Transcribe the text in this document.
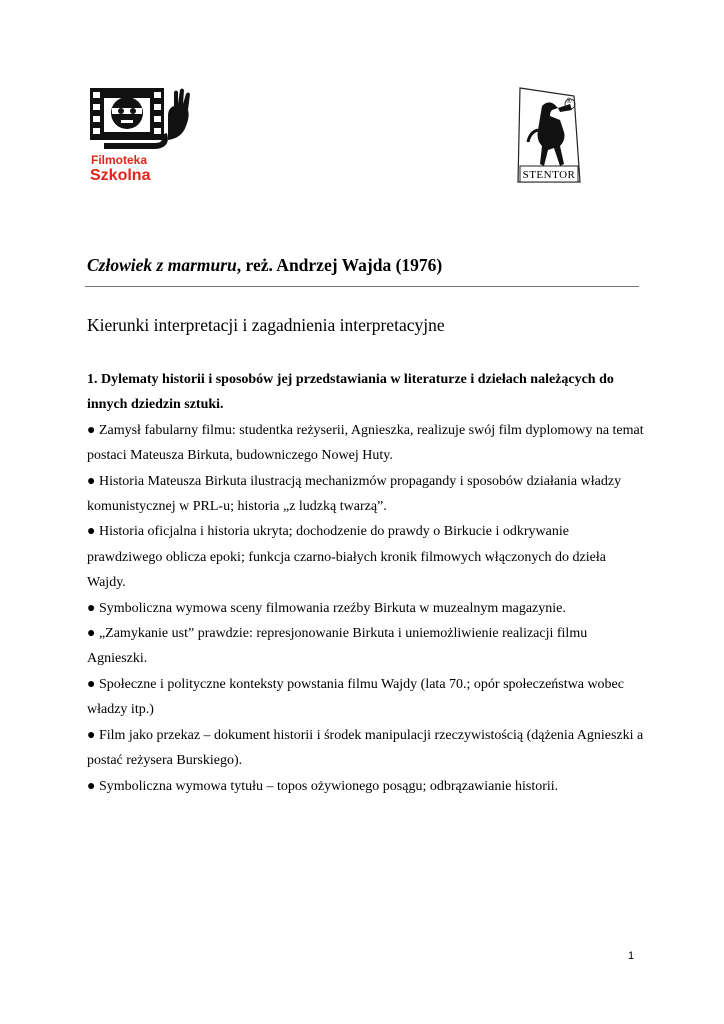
Filmoteka
Szkolna
®
STENTOR
Człowiek z marmuru, reż. Andrzej Wajda (1976)
Kierunki interpretacji i zagadnienia interpretacyjne
1. Dylematy historii i sposobów jej przedstawiania w literaturze i dziełach należących do innych dziedzin sztuki.

● Zamysł fabularny filmu: studentka reżyserii, Agnieszka, realizuje swój film dyplomowy na temat postaci Mateusza Birkuta, budowniczego Nowej Huty.

● Historia Mateusza Birkuta ilustracją mechanizmów propagandy i sposobów działania władzy komunistycznej w PRL-u; historia „z ludzką twarzą”.

● Historia oficjalna i historia ukryta; dochodzenie do prawdy o Birkucie i odkrywanie prawdziwego oblicza epoki; funkcja czarno-białych kronik filmowych włączonych do dzieła Wajdy.

● Symboliczna wymowa sceny filmowania rzeźby Birkuta w muzealnym magazynie.

● „Zamykanie ust” prawdzie: represjonowanie Birkuta i uniemożliwienie realizacji filmu Agnieszki.

● Społeczne i polityczne konteksty powstania filmu Wajdy (lata 70.; opór społeczeństwa wobec władzy itp.)

● Film jako przekaz – dokument historii i środek manipulacji rzeczywistością (dążenia Agnieszki a postać reżysera Burskiego).

● Symboliczna wymowa tytułu – topos ożywionego posągu; odbrązawianie historii.

1
